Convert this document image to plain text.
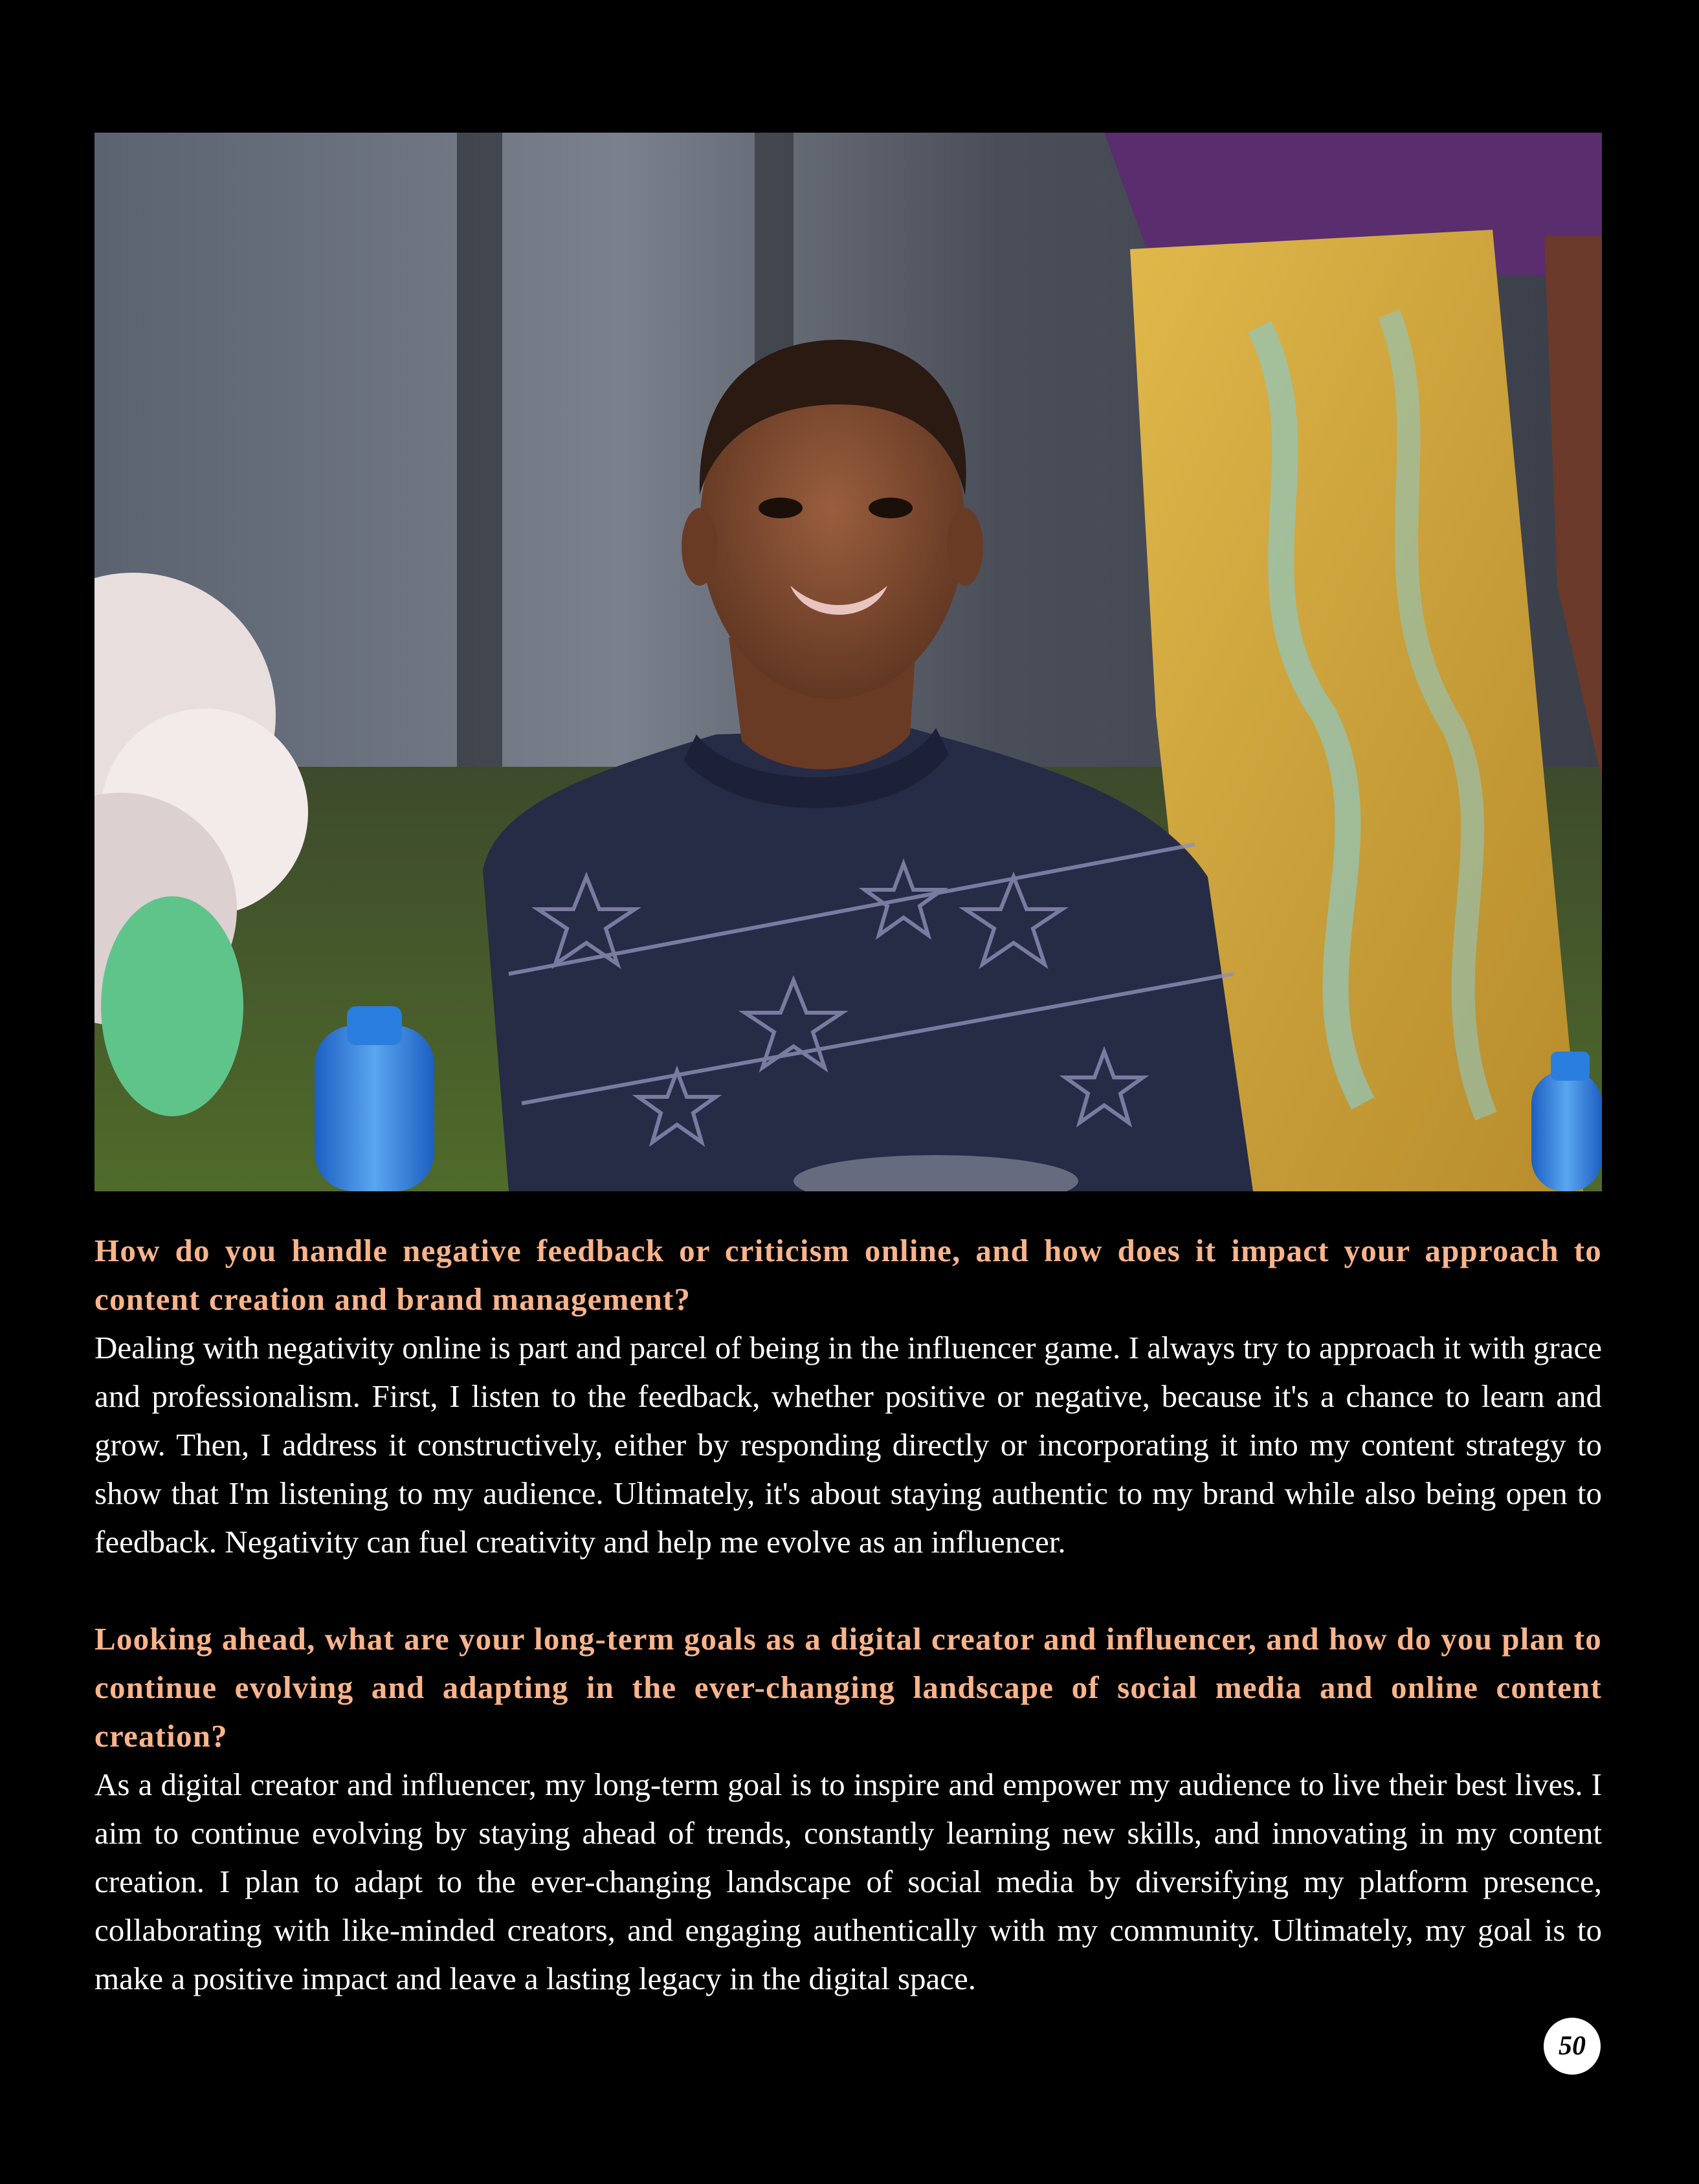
How do you handle negative feedback or criticism online, and how does it impact your approach to content creation and brand management?

Dealing with negativity online is part and parcel of being in the influencer game. I always try to approach it with grace and professionalism. First, I listen to the feedback, whether positive or negative, because it's a chance to learn and grow. Then, I address it constructively, either by responding directly or incorporating it into my content strategy to show that I'm listening to my audience. Ultimately, it's about staying authentic to my brand while also being open to feedback. Negativity can fuel creativity and help me evolve as an influencer.

Looking ahead, what are your long-term goals as a digital creator and influencer, and how do you plan to continue evolving and adapting in the ever-changing landscape of social media and online content creation?

As a digital creator and influencer, my long-term goal is to inspire and empower my audience to live their best lives. I aim to continue evolving by staying ahead of trends, constantly learning new skills, and innovating in my content creation. I plan to adapt to the ever-changing landscape of social media by diversifying my platform presence, collaborating with like-minded creators, and engaging authentically with my community. Ultimately, my goal is to make a positive impact and leave a lasting legacy in the digital space.

50
